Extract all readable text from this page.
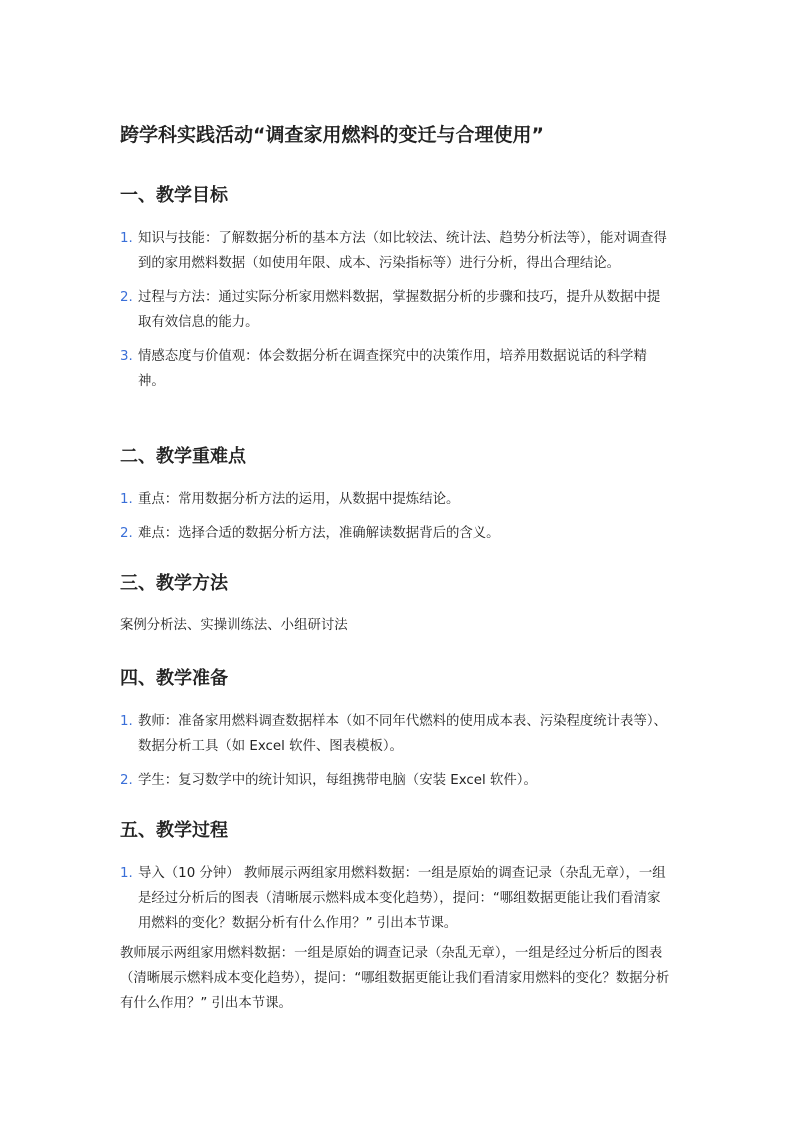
跨学科实践活动“调查家用燃料的变迁与合理使用”
一、教学目标
1. 知识与技能：了解数据分析的基本方法（如比较法、统计法、趋势分析法等），能对调查得到的家用燃料数据（如使用年限、成本、污染指标等）进行分析，得出合理结论。
2. 过程与方法：通过实际分析家用燃料数据，掌握数据分析的步骤和技巧，提升从数据中提取有效信息的能力。
3. 情感态度与价值观：体会数据分析在调查探究中的决策作用，培养用数据说话的科学精神。
二、教学重难点
1. 重点：常用数据分析方法的运用，从数据中提炼结论。
2. 难点：选择合适的数据分析方法，准确解读数据背后的含义。
三、教学方法

案例分析法、实操训练法、小组研讨法

四、教学准备
1. 教师：准备家用燃料调查数据样本（如不同年代燃料的使用成本表、污染程度统计表等）、数据分析工具（如 Excel 软件、图表模板）。
2. 学生：复习数学中的统计知识，每组携带电脑（安装 Excel 软件）。
五、教学过程
1. 导入（10 分钟） 教师展示两组家用燃料数据：一组是原始的调查记录（杂乱无章），一组是经过分析后的图表（清晰展示燃料成本变化趋势），提问：“哪组数据更能让我们看清家用燃料的变化？数据分析有什么作用？” 引出本节课。

教师展示两组家用燃料数据：一组是原始的调查记录（杂乱无章），一组是经过分析后的图表（清晰展示燃料成本变化趋势），提问：“哪组数据更能让我们看清家用燃料的变化？数据分析有什么作用？” 引出本节课。
